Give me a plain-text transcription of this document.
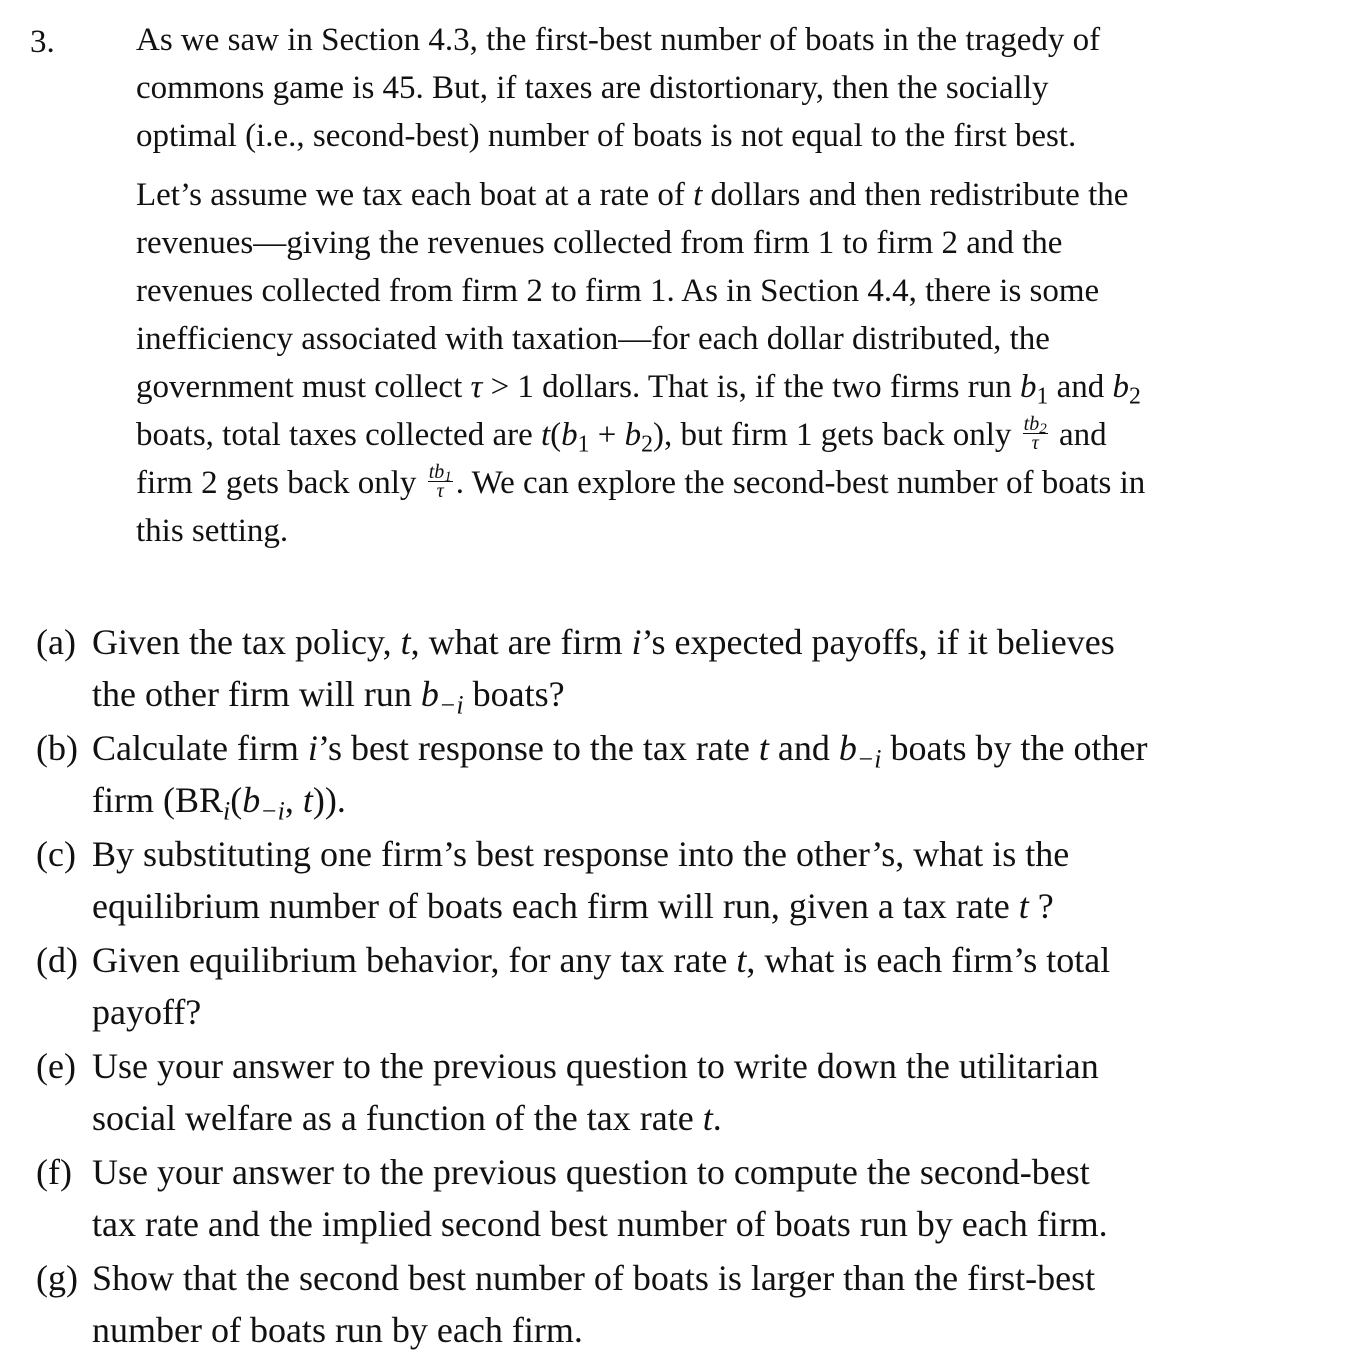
3. As we saw in Section 4.3, the first-best number of boats in the tragedy of
commons game is 45. But, if taxes are distortionary, then the socially
optimal (i.e., second-best) number of boats is not equal to the first best.
Let’s assume we tax each boat at a rate of t dollars and then redistribute the
revenues—giving the revenues collected from firm 1 to firm 2 and the
revenues collected from firm 2 to firm 1. As in Section 4.4, there is some
inefficiency associated with taxation—for each dollar distributed, the
government must collect τ > 1 dollars. That is, if the two firms run $b_1$ and $b_2$
boats, total taxes collected are $t(b_1 + b_2)$, but firm 1 gets back only $\frac{tb_2}{\tau}$ and
firm 2 gets back only $\frac{tb_1}{\tau}$ . We can explore the second-best number of boats in
this setting.
(a) Given the tax policy, t, what are firm i’s expected payoffs, if it believes
the other firm will run $b_{-i}$ boats?
(b) Calculate firm i’s best response to the tax rate t and $b_{-i}$ boats by the other
firm ($BR_i(b_{-i}$, t)).
(c) By substituting one firm’s best response into the other’s, what is the
equilibrium number of boats each firm will run, given a tax rate t ?
(d) Given equilibrium behavior, for any tax rate t, what is each firm’s total
payoff?
(e) Use your answer to the previous question to write down the utilitarian
social welfare as a function of the tax rate t.
(f) Use your answer to the previous question to compute the second-best
tax rate and the implied second best number of boats run by each firm.
(g) Show that the second best number of boats is larger than the first-best
number of boats run by each firm.
